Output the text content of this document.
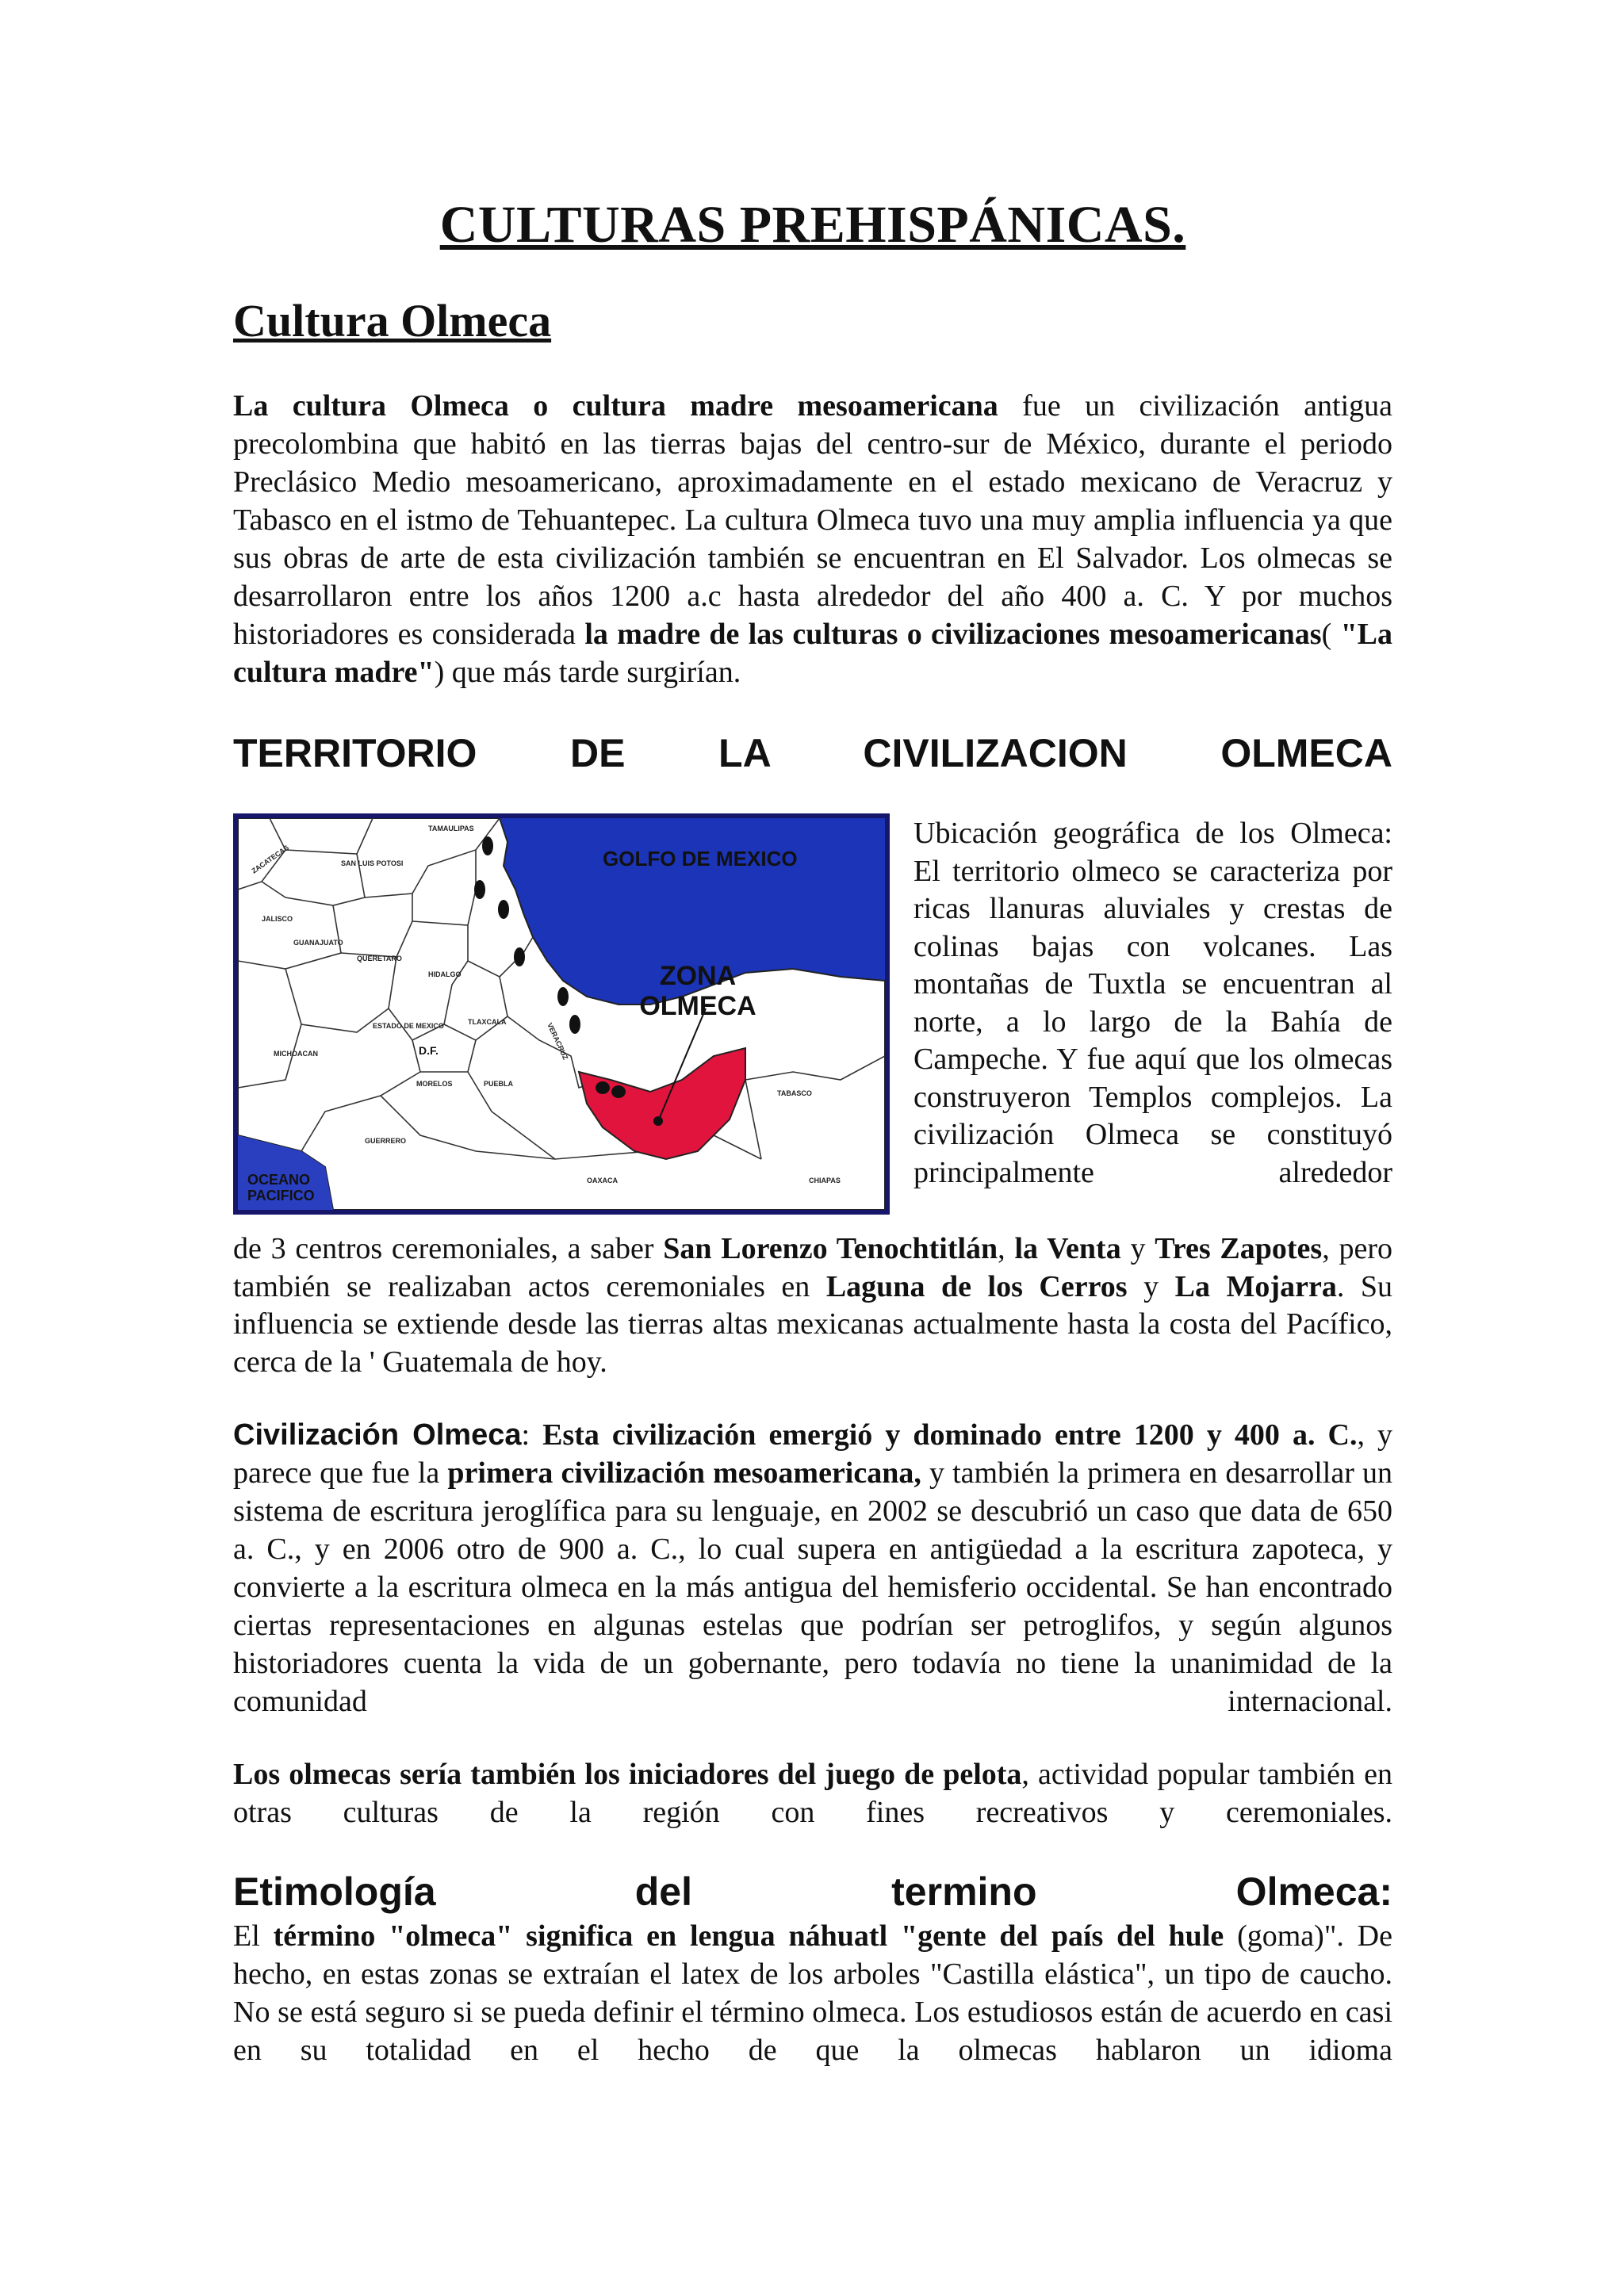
CULTURAS PREHISPÁNICAS.
Cultura Olmeca
La cultura Olmeca o cultura madre mesoamericana fue un civilización antigua precolombina que habitó en las tierras bajas del centro-sur de México, durante el periodo Preclásico Medio mesoamericano, aproximadamente en el estado mexicano de Veracruz y Tabasco en el istmo de Tehuantepec. La cultura Olmeca tuvo una muy amplia influencia ya que sus obras de arte de esta civilización también se encuentran en El Salvador. Los olmecas se desarrollaron entre los años 1200 a.c hasta alrededor del año 400 a. C. Y por muchos historiadores es considerada la madre de las culturas o civilizaciones mesoamericanas( "La cultura madre") que más tarde surgirían.
TERRITORIO DE LA CIVILIZACION OLMECA
GOLFO DE MEXICO
ZONA
OLMECA
OCEANO
PACIFICO
TAMAULIPAS
ZACATECAS	SAN LUIS POTOSI
JALISCO
GUANAJUATO
QUERETARO
HIDALGO
ESTADO DE MEXICO
D.F.
TLAXCALA
MICHOACAN
MORELOS	PUEBLA
VERACRUZ
GUERRERO
OAXACA
TABASCO
CHIAPAS
Ubicación geográfica de los Olmeca: El territorio olmeco se caracteriza por ricas llanuras aluviales y crestas de colinas bajas con volcanes. Las montañas de Tuxtla se encuentran al norte, a lo largo de la Bahía de Campeche. Y fue aquí que los olmecas construyeron Templos complejos. La civilización Olmeca se constituyó principalmente alrededor
de 3 centros ceremoniales, a saber San Lorenzo Tenochtitlán, la Venta y Tres Zapotes, pero también se realizaban actos ceremoniales en Laguna de los Cerros y La Mojarra. Su influencia se extiende desde las tierras altas mexicanas actualmente hasta la costa del Pacífico, cerca de la ' Guatemala de hoy.
Civilización Olmeca: Esta civilización emergió y dominado entre 1200 y 400 a. C., y parece que fue la primera civilización mesoamericana, y también la primera en desarrollar un sistema de escritura jeroglífica para su lenguaje, en 2002 se descubrió un caso que data de 650 a. C., y en 2006 otro de 900 a. C., lo cual supera en antigüedad a la escritura zapoteca, y convierte a la escritura olmeca en la más antigua del hemisferio occidental. Se han encontrado ciertas representaciones en algunas estelas que podrían ser petroglifos, y según algunos historiadores cuenta la vida de un gobernante, pero todavía no tiene la unanimidad de la comunidad internacional.
Los olmecas sería también los iniciadores del juego de pelota, actividad popular también en otras culturas de la región con fines recreativos y ceremoniales.
Etimología del termino Olmeca:
El término "olmeca" significa en lengua náhuatl "gente del país del hule (goma)". De hecho, en estas zonas se extraían el latex de los arboles "Castilla elástica", un tipo de caucho. No se está seguro si se pueda definir el término olmeca. Los estudiosos están de acuerdo en casi en su totalidad en el hecho de que la olmecas hablaron un idioma
